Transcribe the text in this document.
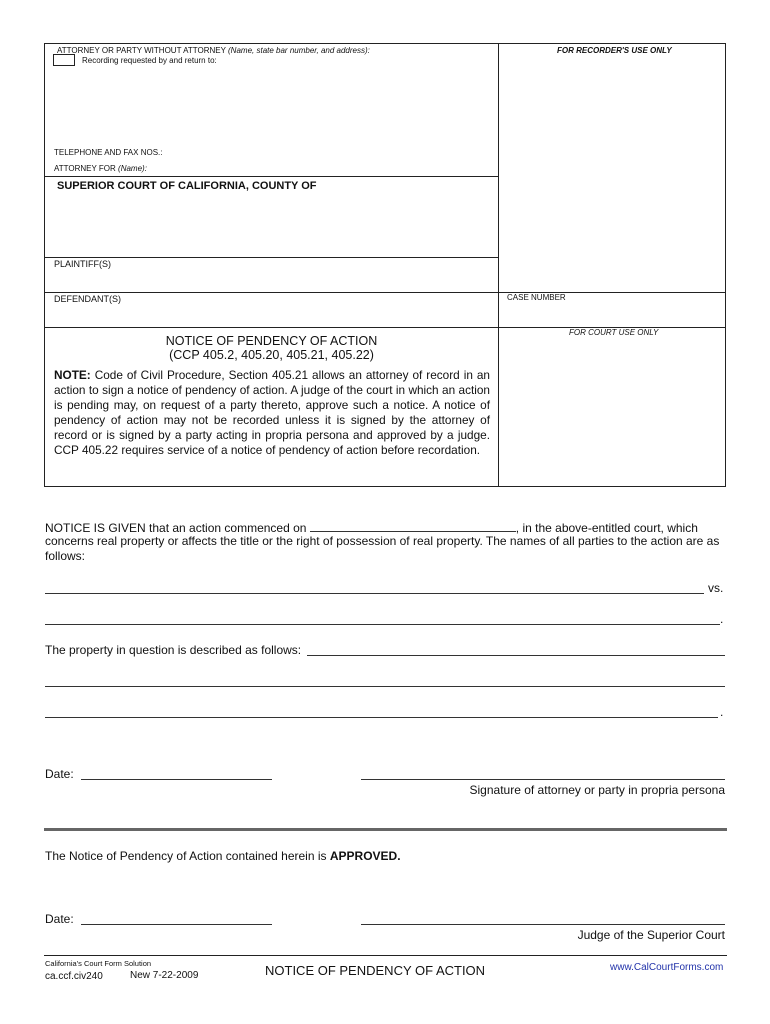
ATTORNEY OR PARTY WITHOUT ATTORNEY (Name, state bar number, and address):
Recording requested by and return to:
TELEPHONE AND FAX NOS.:
ATTORNEY FOR (Name):
FOR RECORDER'S USE ONLY
SUPERIOR COURT OF CALIFORNIA, COUNTY OF
PLAINTIFF(S)
DEFENDANT(S)	CASE NUMBER
FOR COURT USE ONLY
NOTICE OF PENDENCY OF ACTION
(CCP 405.2, 405.20, 405.21, 405.22)
NOTE: Code of Civil Procedure, Section 405.21 allows an attorney of record in an action to sign a notice of pendency of action. A judge of the court in which an action is pending may, on request of a party thereto, approve such a notice. A notice of pendency of action may not be recorded unless it is signed by the attorney of record or is signed by a party acting in propria persona and approved by a judge. CCP 405.22 requires service of a notice of pendency of action before recordation.
NOTICE IS GIVEN that an action commenced on	, in the above-entitled court, which
concerns real property or affects the title or the right of possession of real property. The names of all parties to the action are as follows:
vs.
.
The property in question is described as follows:
.
Date:
Signature of attorney or party in propria persona
The Notice of Pendency of Action contained herein is APPROVED.
Date:
Judge of the Superior Court
California's Court Form Solution
ca.ccf.civ240	New 7-22-2009	NOTICE OF PENDENCY OF ACTION	www.CalCourtForms.com
